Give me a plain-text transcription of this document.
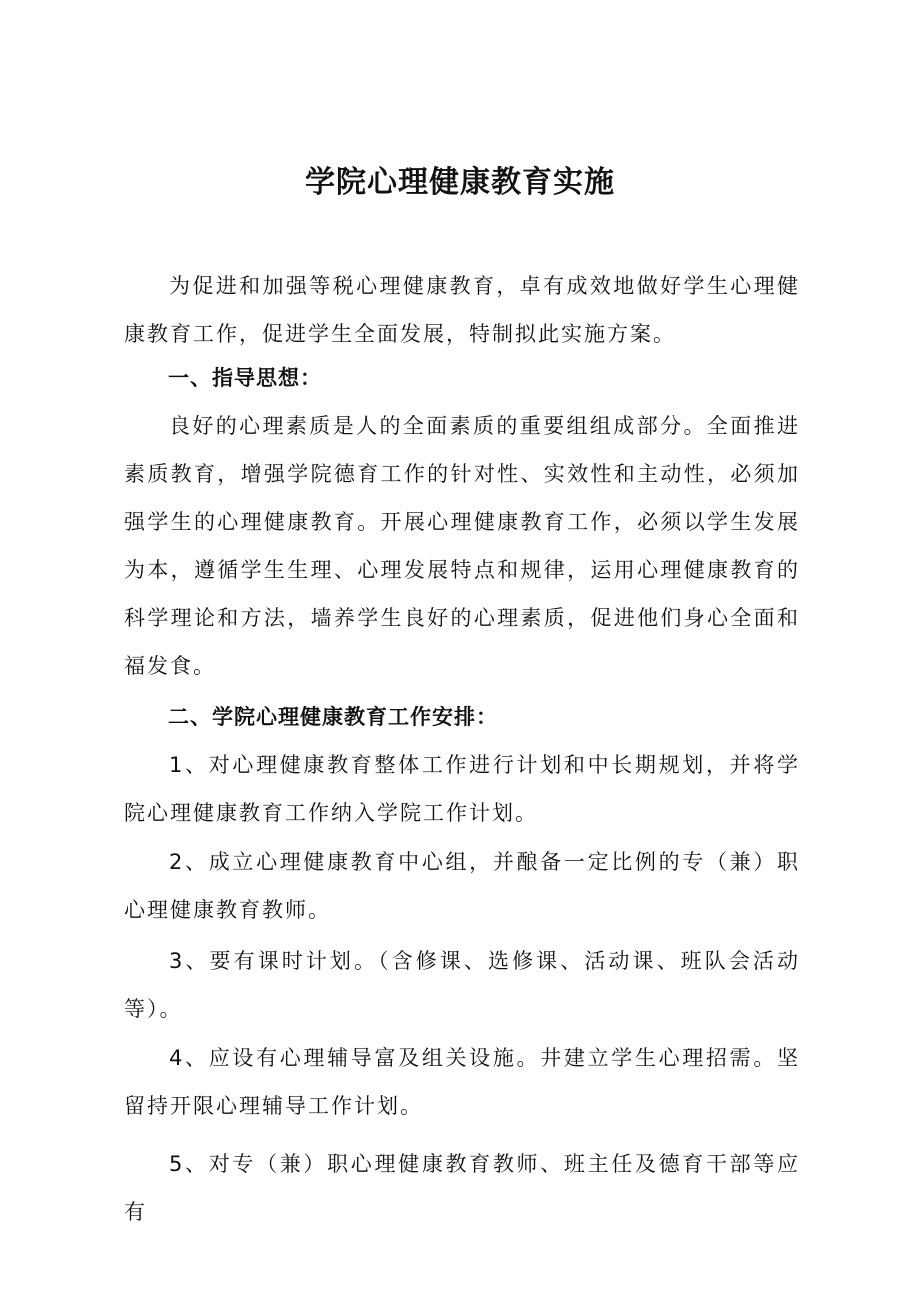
学院心理健康教育实施
为促进和加强等税心理健康教育，卓有成效地做好学生心理健康教育工作，促进学生全面发展，特制拟此实施方案。
一、指导思想：
良好的心理素质是人的全面素质的重要组组成部分。全面推进素质教育，增强学院德育工作的针对性、实效性和主动性，必须加强学生的心理健康教育。开展心理健康教育工作，必须以学生发展为本，遵循学生生理、心理发展特点和规律，运用心理健康教育的科学理论和方法，墙养学生良好的心理素质，促进他们身心全面和福发食。
二、学院心理健康教育工作安排：
1、对心理健康教育整体工作进行计划和中长期规划，并将学院心理健康教育工作纳入学院工作计划。
2、成立心理健康教育中心组，并酿备一定比例的专（兼）职心理健康教育教师。
3、要有课时计划。（含修课、选修课、活动课、班队会活动等）。
4、应设有心理辅导富及组关设施。井建立学生心理招需。坚留持开限心理辅导工作计划。
5、对专（兼）职心理健康教育教师、班主任及德育干部等应有
